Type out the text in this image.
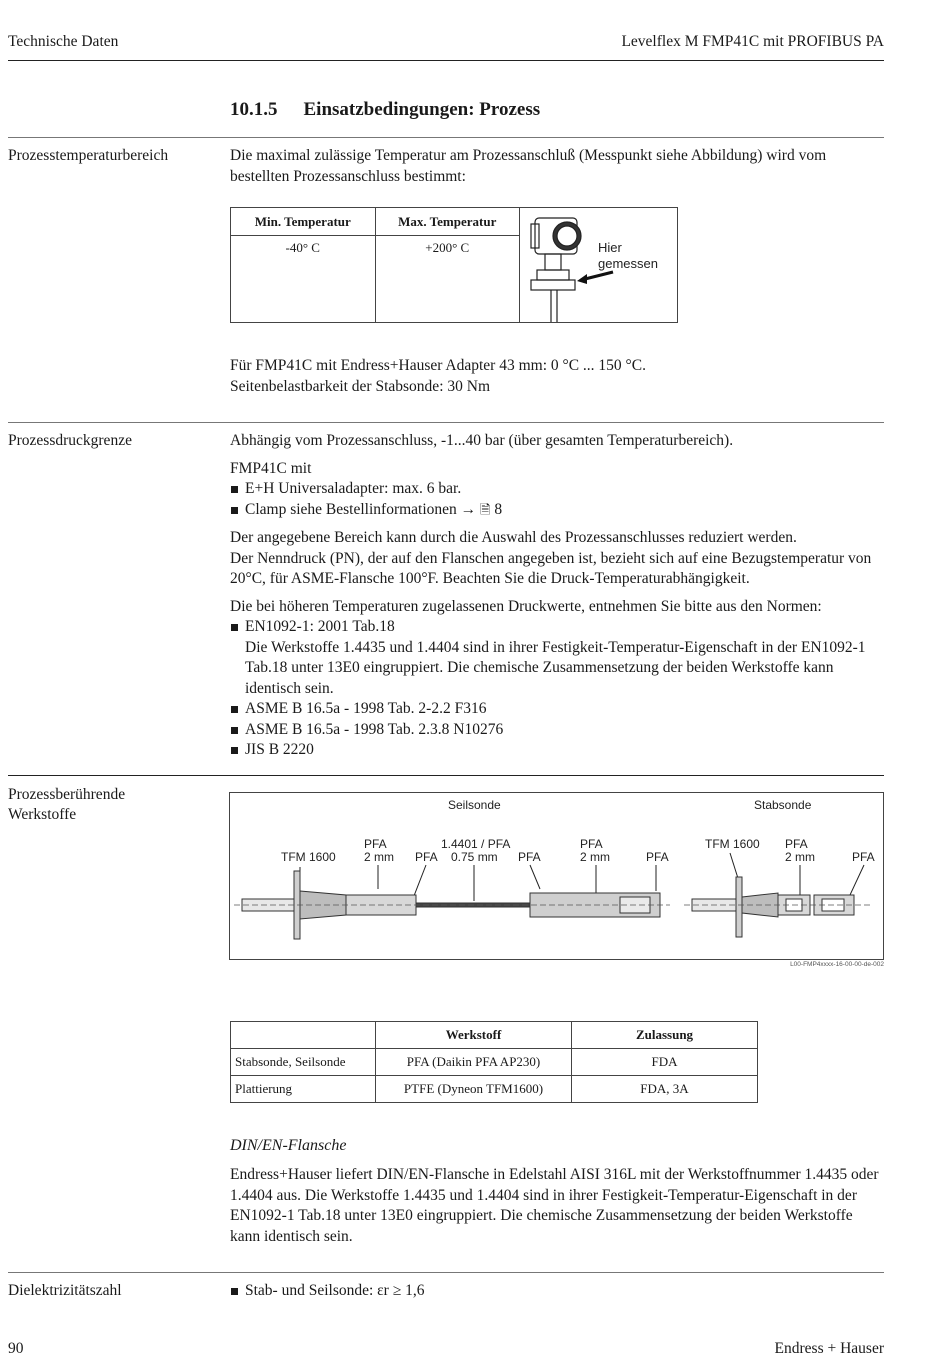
Technische Daten	Levelflex M FMP41C mit PROFIBUS PA
10.1.5 Einsatzbedingungen: Prozess
Prozesstemperaturbereich	Die maximal zulässige Temperatur am Prozessanschluß (Messpunkt siehe Abbildung) wird vom bestellten Prozessanschluss bestimmt:
Min. Temperatur	Max. Temperatur
-40° C	+200° C	Hier
gemessen
Für FMP41C mit Endress+Hauser Adapter 43 mm: 0 °C ... 150 °C.
Seitenbelastbarkeit der Stabsonde: 30 Nm
Prozessdruckgrenze	Abhängig vom Prozessanschluss, -1...40 bar (über gesamten Temperaturbereich).

FMP41C mit

E+H Universaladapter: max. 6 bar.

Clamp siehe Bestellinformationen → 🗎 8

Der angegebene Bereich kann durch die Auswahl des Prozessanschlusses reduziert werden.

Der Nenndruck (PN), der auf den Flanschen angegeben ist, bezieht sich auf eine Bezugstemperatur von 20°C, für ASME-Flansche 100°F. Beachten Sie die Druck-Temperaturabhängigkeit.

Die bei höheren Temperaturen zugelassenen Druckwerte, entnehmen Sie bitte aus den Normen:

EN1092-1: 2001 Tab.18

Die Werkstoffe 1.4435 und 1.4404 sind in ihrer Festigkeit-Temperatur-Eigenschaft in der EN1092-1 Tab.18 unter 13E0 eingruppiert. Die chemische Zusammensetzung der beiden Werkstoffe kann identisch sein.

ASME B 16.5a - 1998 Tab. 2-2.2 F316

ASME B 16.5a - 1998 Tab. 2.3.8 N10276

JIS B 2220

Prozessberührende
Werkstoffe
Seilsonde	Stabsonde
TFM 1600
PFA
2 mm PFA
1.4401 / PFA
0.75 mm PFA
PFA
2 mm	PFA
TFM 1600 PFA
2 mm	PFA
L00-FMP4xxxx-16-00-00-de-002
	Werkstoff	Zulassung
Stabsonde, Seilsonde	PFA (Daikin PFA AP230)	FDA
Plattierung	PTFE (Dyneon TFM1600)	FDA, 3A
DIN/EN-Flansche
Endress+Hauser liefert DIN/EN-Flansche in Edelstahl AISI 316L mit der Werkstoffnummer 1.4435 oder 1.4404 aus. Die Werkstoffe 1.4435 und 1.4404 sind in ihrer Festigkeit-Temperatur-Eigenschaft in der EN1092-1 Tab.18 unter 13E0 eingruppiert. Die chemische Zusammensetzung der beiden Werkstoffe kann identisch sein.
Dielektrizitätszahl	Stab- und Seilsonde: εr ≥ 1,6

90	Endress + Hauser
